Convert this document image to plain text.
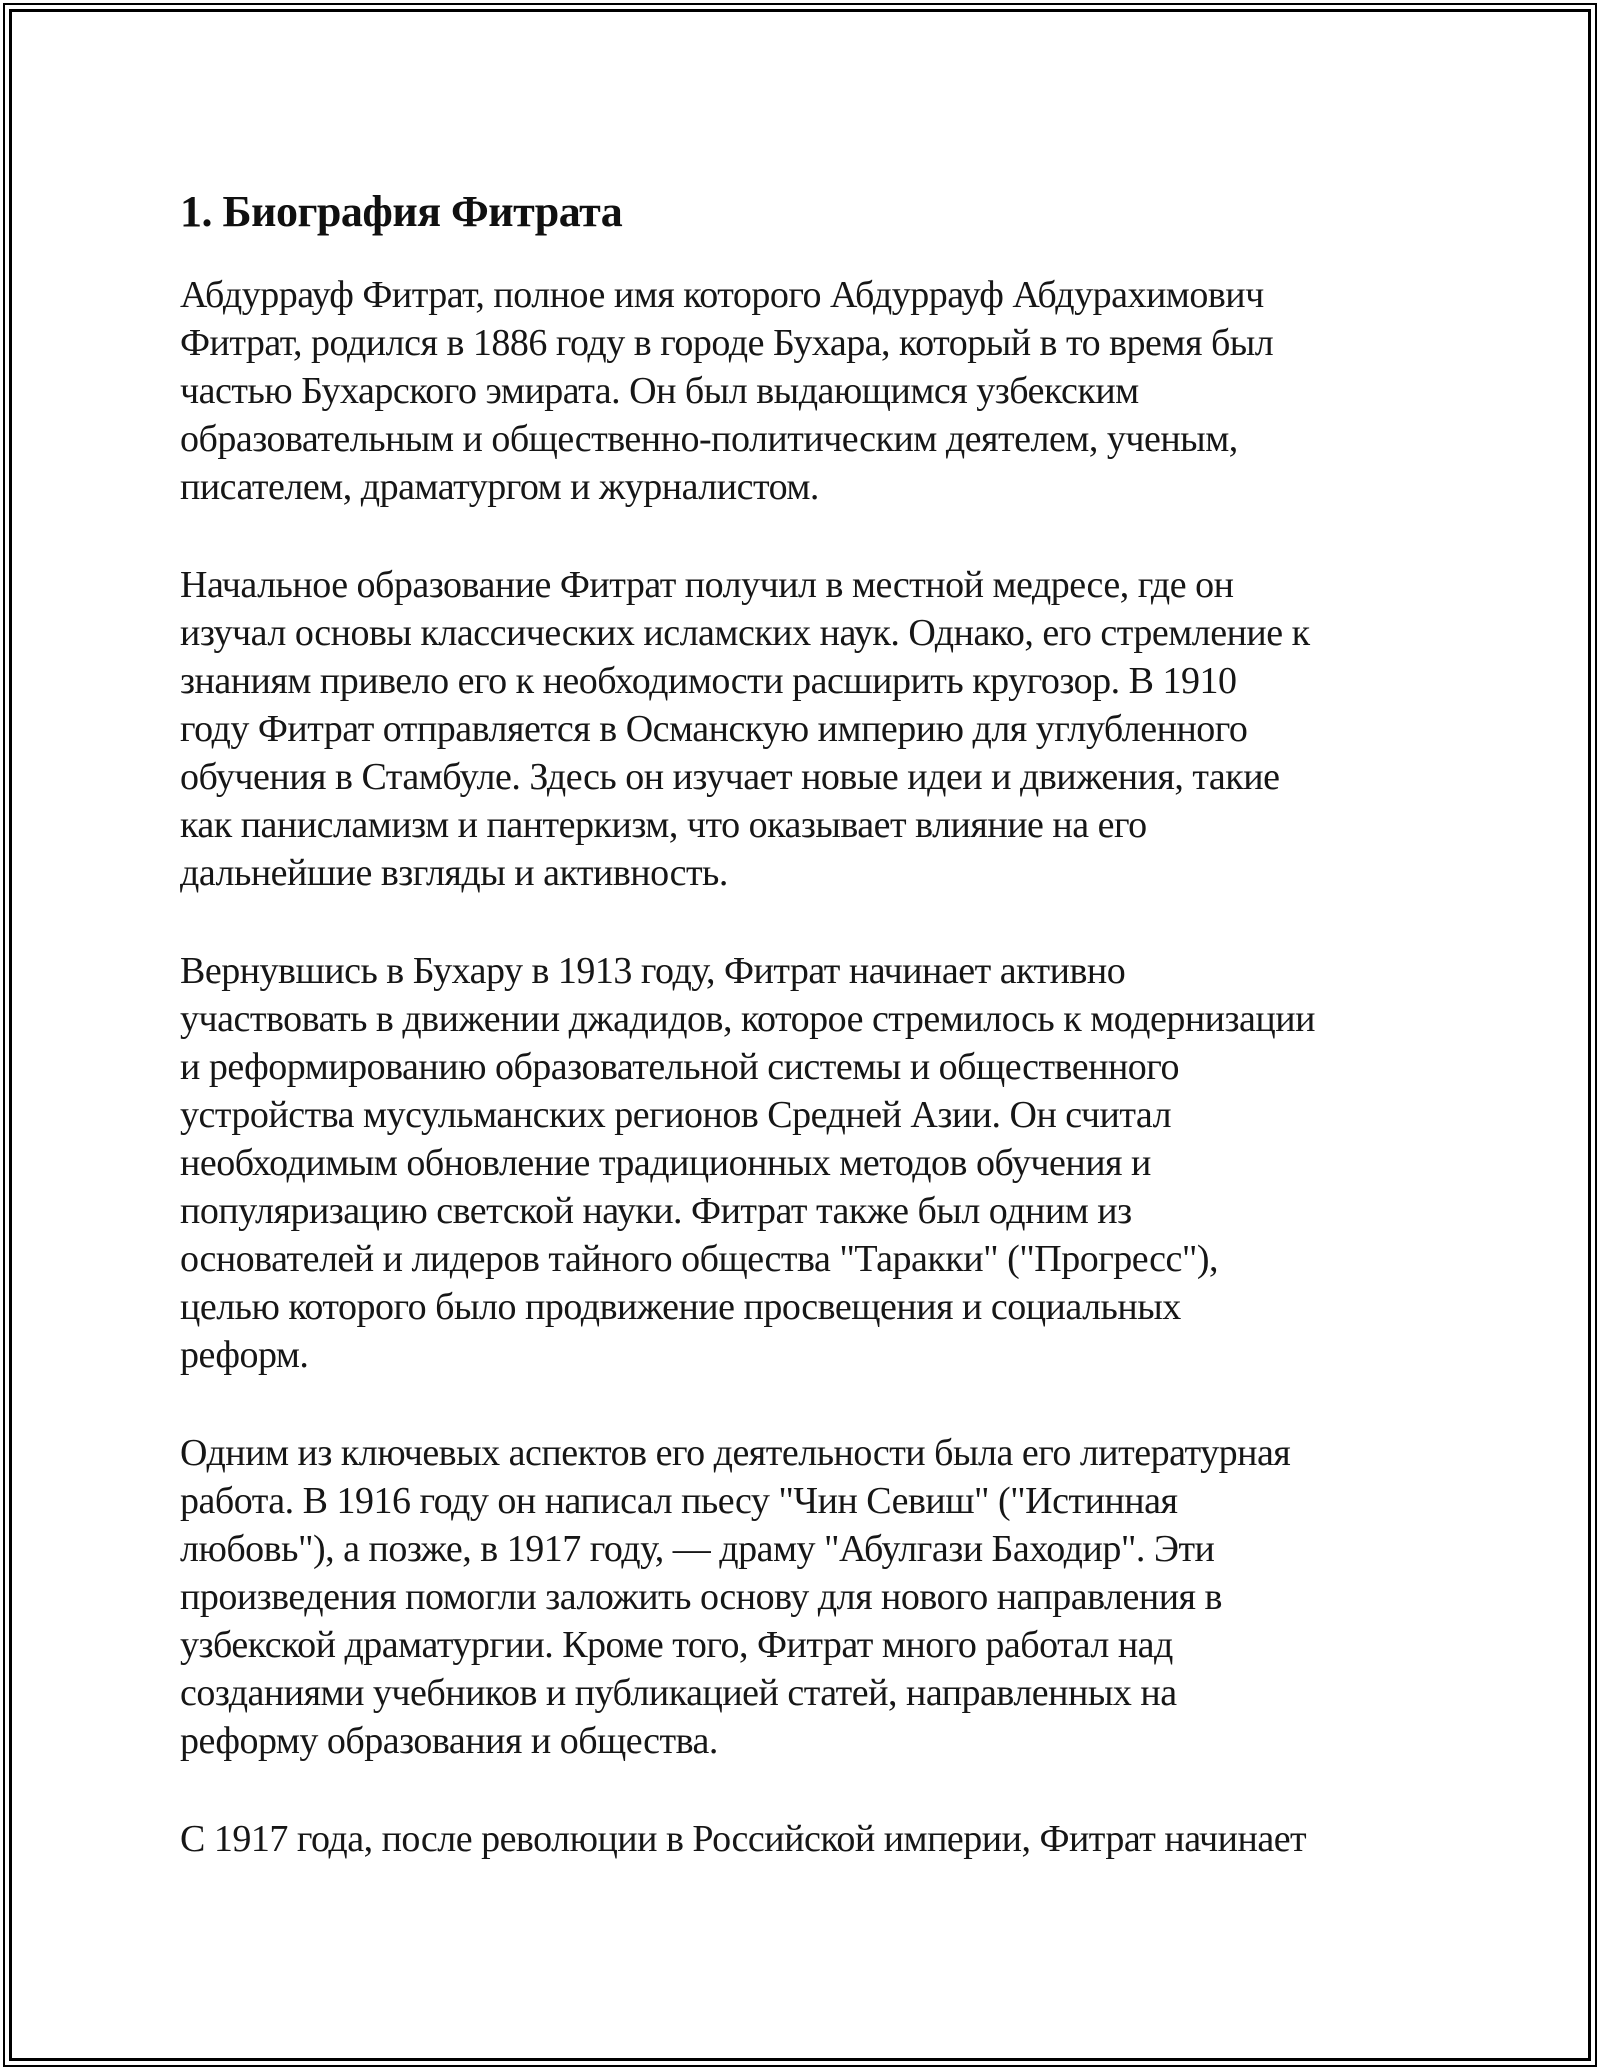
1. Биография Фитрата
Абдуррауф Фитрат, полное имя которого Абдуррауф Абдурахимович
Фитрат, родился в 1886 году в городе Бухара, который в то время был
частью Бухарского эмирата. Он был выдающимся узбекским
образовательным и общественно-политическим деятелем, ученым,
писателем, драматургом и журналистом.
Начальное образование Фитрат получил в местной медресе, где он
изучал основы классических исламских наук. Однако, его стремление к
знаниям привело его к необходимости расширить кругозор. В 1910
году Фитрат отправляется в Османскую империю для углубленного
обучения в Стамбуле. Здесь он изучает новые идеи и движения, такие
как панисламизм и пантеркизм, что оказывает влияние на его
дальнейшие взгляды и активность.
Вернувшись в Бухару в 1913 году, Фитрат начинает активно
участвовать в движении джадидов, которое стремилось к модернизации
и реформированию образовательной системы и общественного
устройства мусульманских регионов Средней Азии. Он считал
необходимым обновление традиционных методов обучения и
популяризацию светской науки. Фитрат также был одним из
основателей и лидеров тайного общества "Таракки" ("Прогресс"),
целью которого было продвижение просвещения и социальных
реформ.
Одним из ключевых аспектов его деятельности была его литературная
работа. В 1916 году он написал пьесу "Чин Севиш" ("Истинная
любовь"), а позже, в 1917 году, — драму "Абулгази Баходир". Эти
произведения помогли заложить основу для нового направления в
узбекской драматургии. Кроме того, Фитрат много работал над
созданиями учебников и публикацией статей, направленных на
реформу образования и общества.
С 1917 года, после революции в Российской империи, Фитрат начинает
